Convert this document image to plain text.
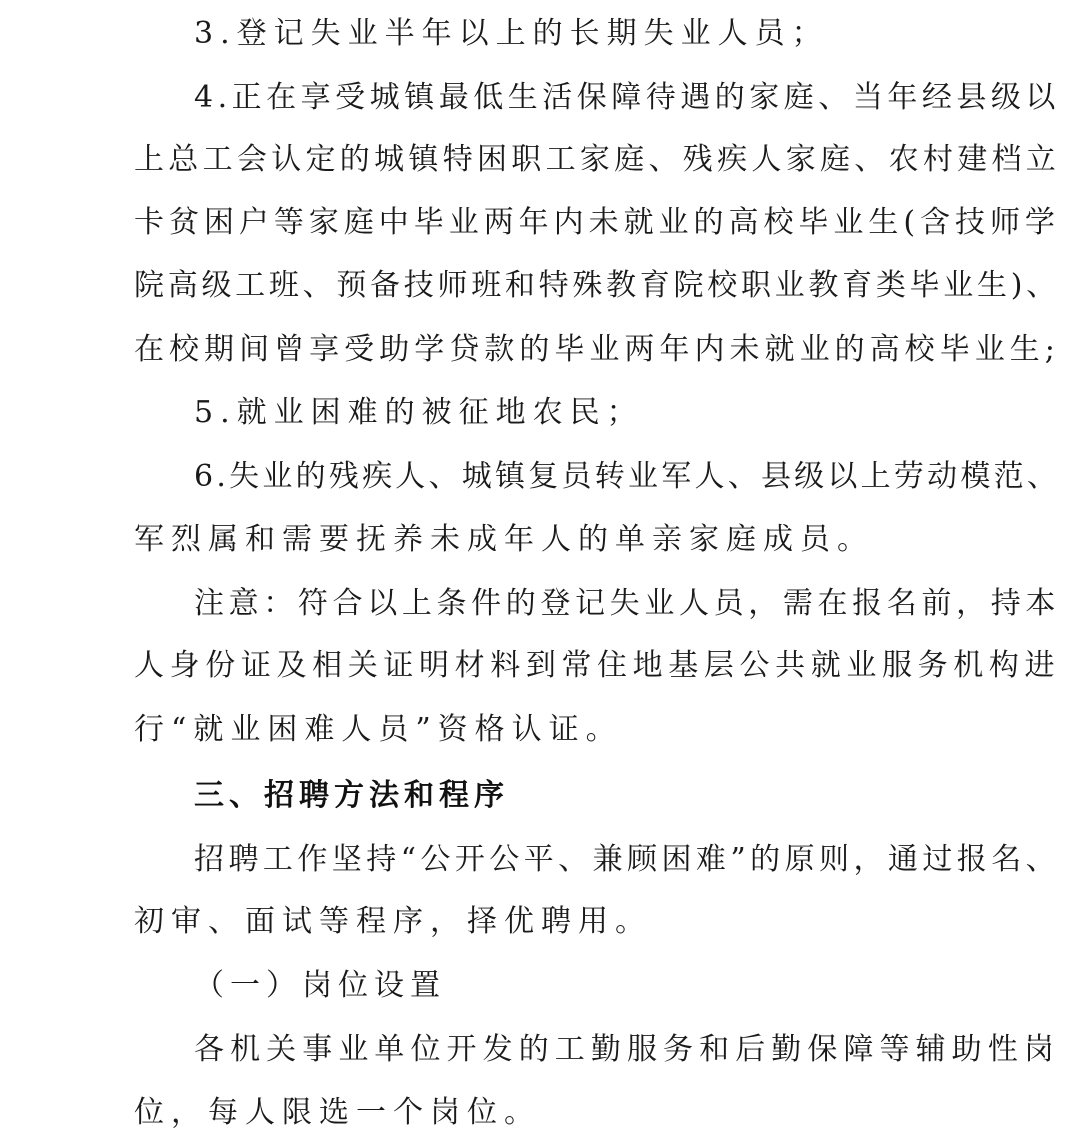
3.登记失业半年以上的长期失业人员；

4.正在享受城镇最低生活保障待遇的家庭、当年经县级以

上总工会认定的城镇特困职工家庭、残疾人家庭、农村建档立

卡贫困户等家庭中毕业两年内未就业的高校毕业生(含技师学

院高级工班、预备技师班和特殊教育院校职业教育类毕业生)、

在校期间曾享受助学贷款的毕业两年内未就业的高校毕业生;

5.就业困难的被征地农民；

6.失业的残疾人、城镇复员转业军人、县级以上劳动模范、

军烈属和需要抚养未成年人的单亲家庭成员。

注意：符合以上条件的登记失业人员，需在报名前，持本

人身份证及相关证明材料到常住地基层公共就业服务机构进

行“就业困难人员”资格认证。

三、招聘方法和程序

招聘工作坚持“公开公平、兼顾困难”的原则，通过报名、

初审、面试等程序，择优聘用。

（一）岗位设置

各机关事业单位开发的工勤服务和后勤保障等辅助性岗

位，每人限选一个岗位。
